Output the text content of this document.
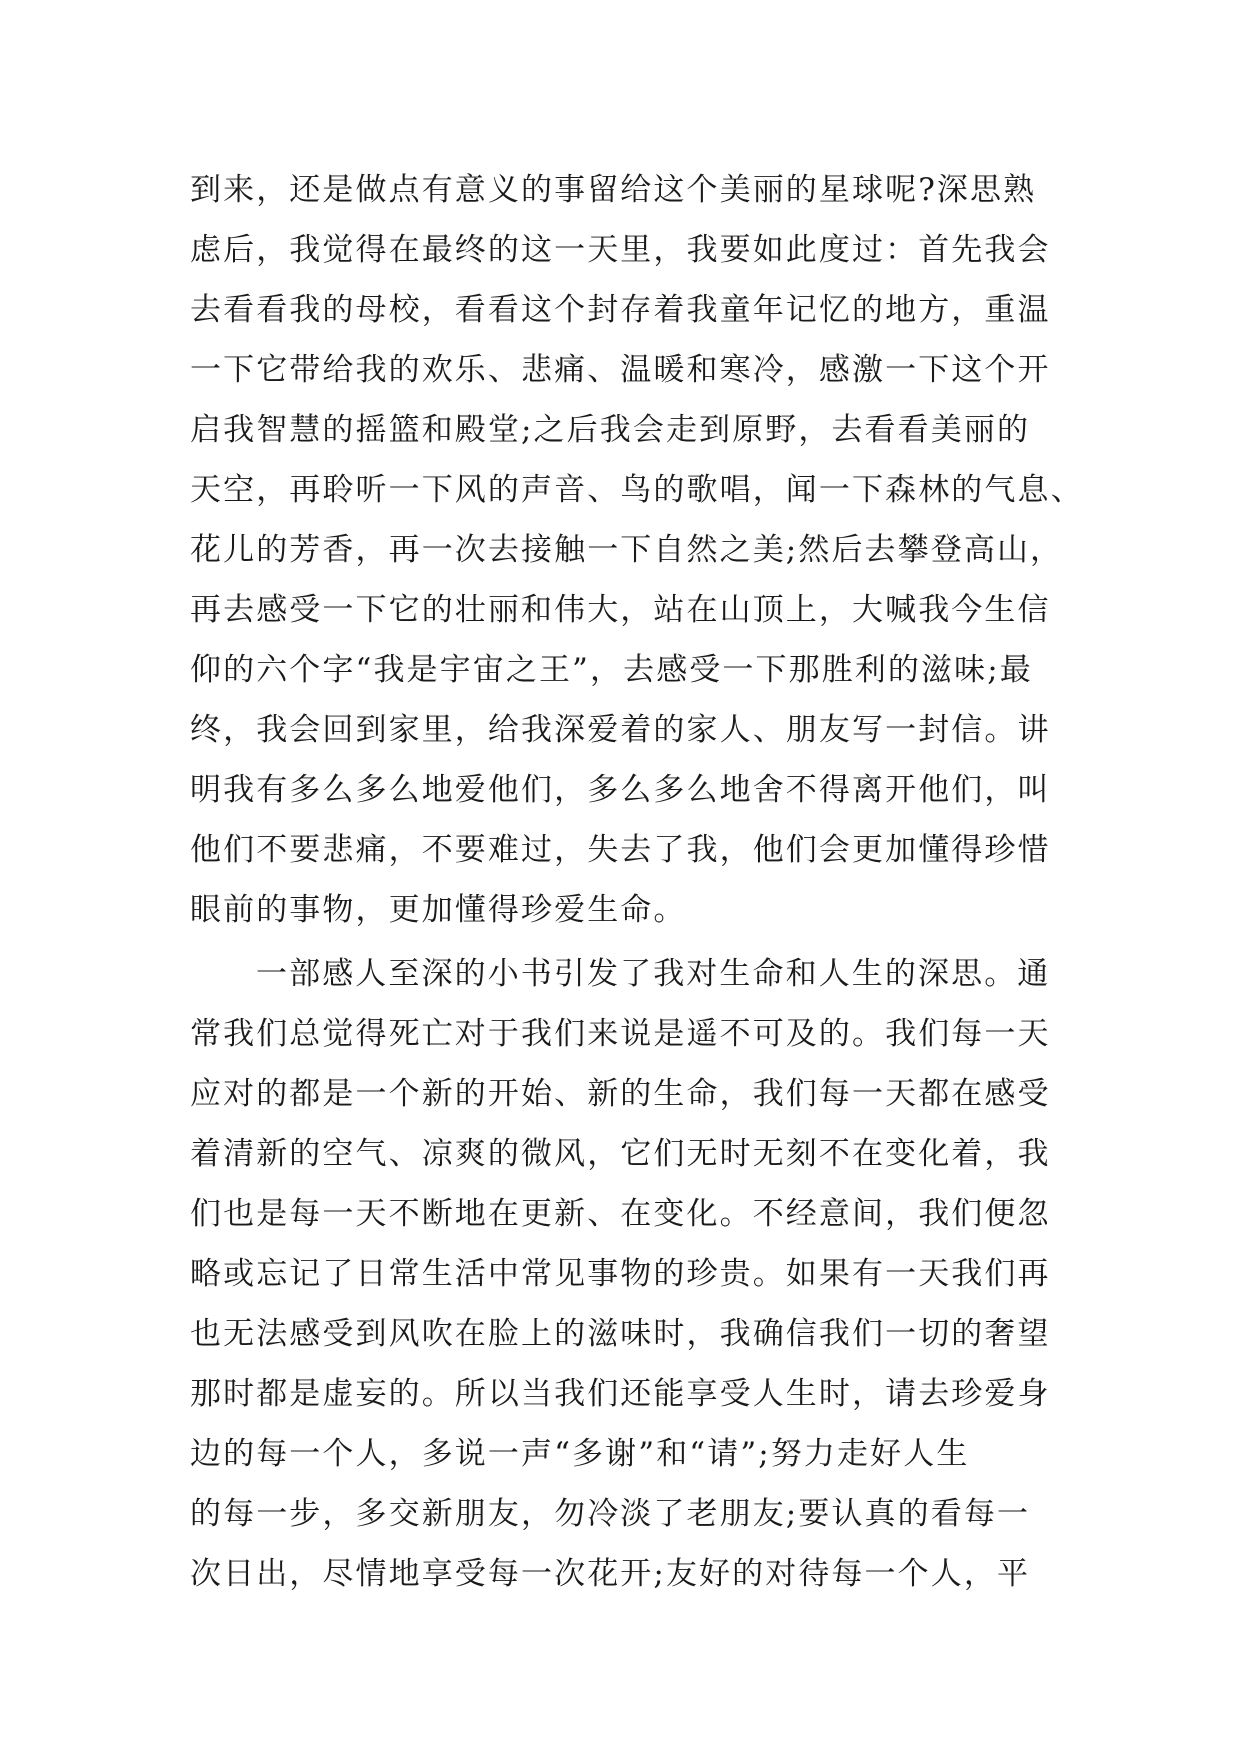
到来，还是做点有意义的事留给这个美丽的星球呢?深思熟
虑后，我觉得在最终的这一天里，我要如此度过：首先我会
去看看我的母校，看看这个封存着我童年记忆的地方，重温
一下它带给我的欢乐、悲痛、温暖和寒冷，感激一下这个开
启我智慧的摇篮和殿堂;之后我会走到原野，去看看美丽的
天空，再聆听一下风的声音、鸟的歌唱，闻一下森林的气息、
花儿的芳香，再一次去接触一下自然之美;然后去攀登高山，
再去感受一下它的壮丽和伟大，站在山顶上，大喊我今生信
仰的六个字“我是宇宙之王”，去感受一下那胜利的滋味;最
终，我会回到家里，给我深爱着的家人、朋友写一封信。讲
明我有多么多么地爱他们，多么多么地舍不得离开他们，叫
他们不要悲痛，不要难过，失去了我，他们会更加懂得珍惜
眼前的事物，更加懂得珍爱生命。
一部感人至深的小书引发了我对生命和人生的深思。通
常我们总觉得死亡对于我们来说是遥不可及的。我们每一天
应对的都是一个新的开始、新的生命，我们每一天都在感受
着清新的空气、凉爽的微风，它们无时无刻不在变化着，我
们也是每一天不断地在更新、在变化。不经意间，我们便忽
略或忘记了日常生活中常见事物的珍贵。如果有一天我们再
也无法感受到风吹在脸上的滋味时，我确信我们一切的奢望
那时都是虚妄的。所以当我们还能享受人生时，请去珍爱身
边的每一个人，多说一声“多谢”和“请”;努力走好人生
的每一步，多交新朋友，勿冷淡了老朋友;要认真的看每一
次日出，尽情地享受每一次花开;友好的对待每一个人，平
